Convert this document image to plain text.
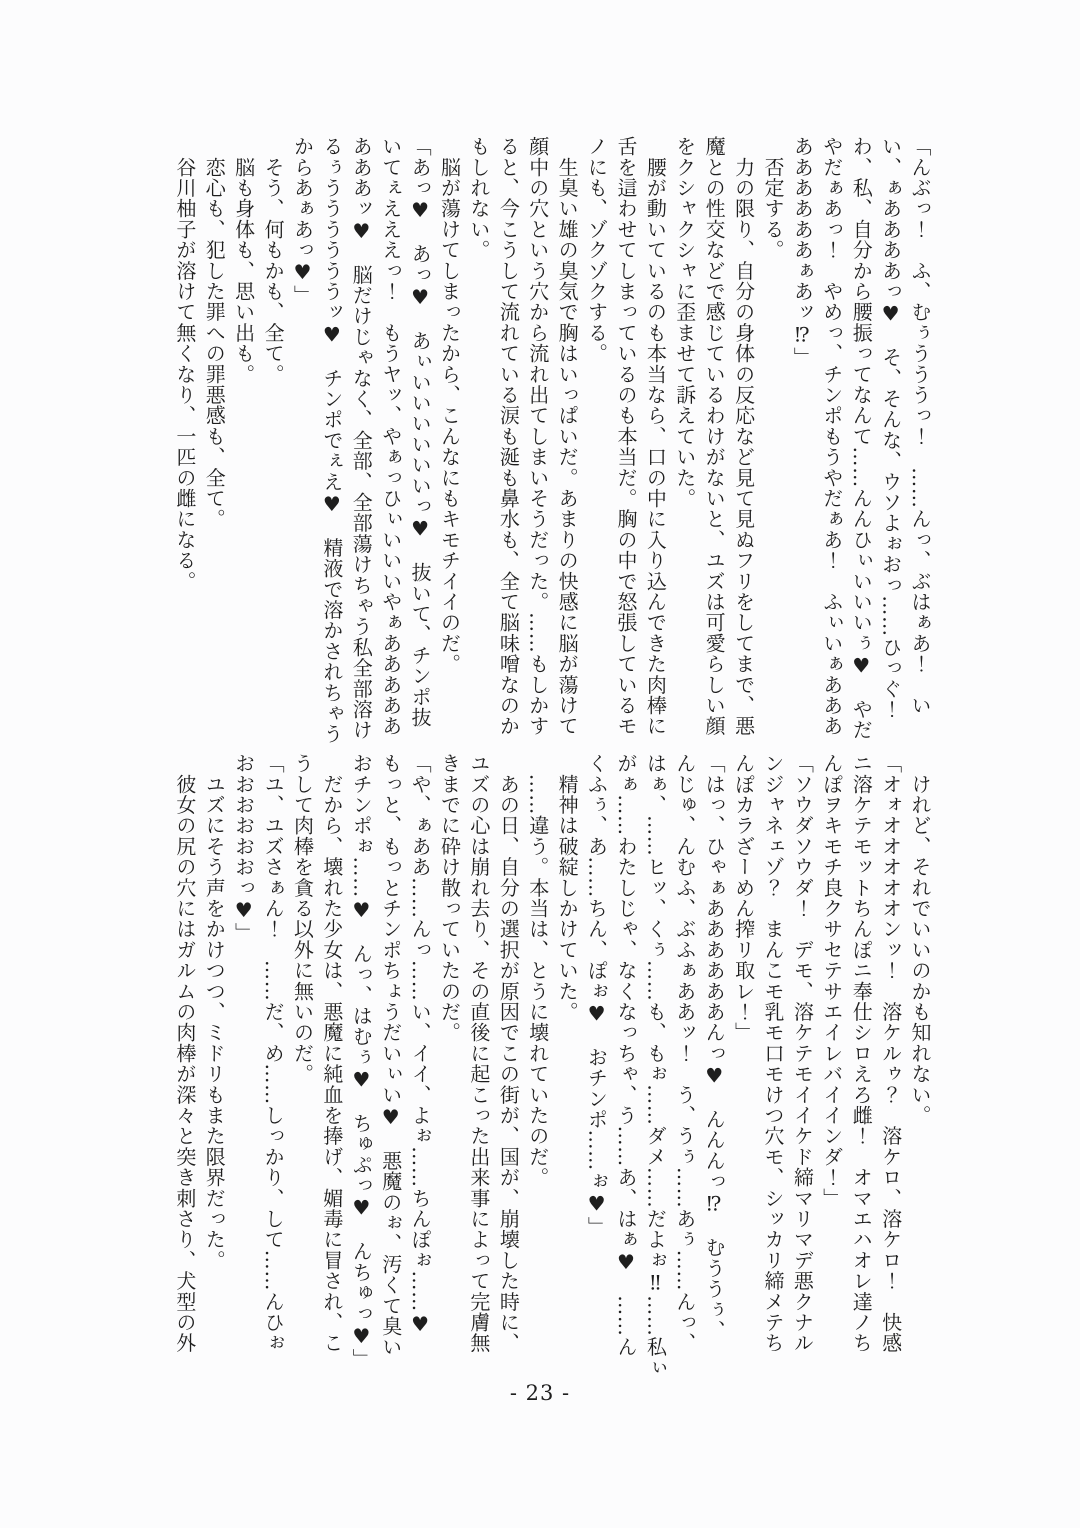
「んぶっ！　ふ、むぅうううっ！　……んっ、ぶはぁあ！　い

い、ぁああああっ♥　そ、そんな、ウソよぉおっ……ひっぐ！

わ、私、自分から腰振ってなんて……んんひぃいいいぅ♥　やだ

やだぁあっ！　やめっ、チンポもうやだぁあ！　ふぃいぁあああ

ああああああぁあッ⁉」

　否定する。

　力の限り、自分の身体の反応など見て見ぬフリをしてまで、悪

魔との性交などで感じているわけがないと、ユズは可愛らしい顔

をクシャクシャに歪ませて訴えていた。

　腰が動いているのも本当なら、口の中に入り込んできた肉棒に

舌を這わせてしまっているのも本当だ。胸の中で怒張しているモ

ノにも、ゾクゾクする。

　生臭い雄の臭気で胸はいっぱいだ。あまりの快感に脳が蕩けて

顔中の穴という穴から流れ出てしまいそうだった。……もしかす

ると、今こうして流れている涙も涎も鼻水も、全て脳味噌なのか

もしれない。

　脳が蕩けてしまったから、こんなにもキモチイイのだ。

「あっ♥　あっ♥　あぃいいいいいいっ♥　抜いて、チンポ抜

いてぇえええっ！　もうヤッ、やぁっひぃいいいやぁあああああ

あああッ♥　脳だけじゃなく、全部、全部蕩けちゃう私全部溶け

るぅううううううッ♥　チンポでぇえ♥　精液で溶かされちゃう

からあぁあっ♥」

　そう、何もかも、全て。

　脳も身体も、思い出も。

　恋心も、犯した罪への罪悪感も、全て。

　谷川柚子が溶けて無くなり、一匹の雌になる。

　けれど、それでいいのかも知れない。

「オォオオオオオンッ！　溶ケルゥ？　溶ケロ、溶ケロ！　快感

ニ溶ケテモットちんぽニ奉仕シロえろ雌！　オマエハオレ達ノち

んぽヲキモチ良クサセテサエイレバイインダ！」

「ソウダソウダ！　デモ、溶ケテモイイケド締マリマデ悪クナル

ンジャネェゾ？　まんこモ乳モ口モけつ穴モ、シッカリ締メテち

んぽカラざーめん搾リ取レ！」

「はっ、ひゃぁああああああんっ♥　んんんっ⁉　むううぅ、

んじゅ、んむふ、ぶふぁああッ！　う、うぅ……あぅ……んっ、

はぁ、……ヒッ、くぅ……も、もぉ……ダメ……だよぉ‼……私ぃ

がぁ……わたしじゃ、なくなっちゃ、う……あ、はぁ♥　……ん

くふぅ、あ……ちん、ぽぉ♥　おチンポ……ぉ♥」

　精神は破綻しかけていた。

　……違う。本当は、とうに壊れていたのだ。

　あの日、自分の選択が原因でこの街が、国が、崩壊した時に、

ユズの心は崩れ去り、その直後に起こった出来事によって完膚無

きまでに砕け散っていたのだ。

「や、ぁああ……んっ……い、イイ、よぉ……ちんぽぉ……♥

もっと、もっとチンポちょうだいぃい♥　悪魔のぉ、汚くて臭い

おチンポぉ……♥　んっ、はむぅ♥　ちゅぷっ♥　んちゅっ♥」

　だから、壊れた少女は、悪魔に純血を捧げ、媚毒に冒され、こ

うして肉棒を貪る以外に無いのだ。

「ユ、ユズさぁん！　……だ、め……しっかり、して……んひぉ

おおおおおおっ♥」

　ユズにそう声をかけつつ、ミドリもまた限界だった。

　彼女の尻の穴にはガルムの肉棒が深々と突き刺さり、犬型の外

- 23 -
